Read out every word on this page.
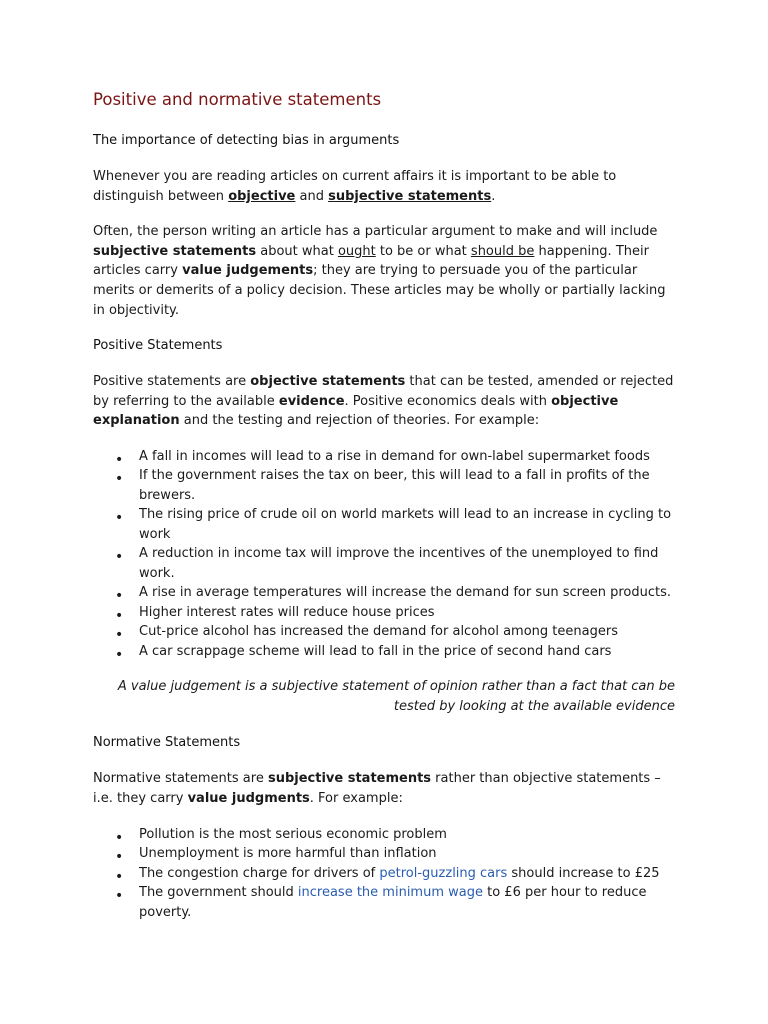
Positive and normative statements
The importance of detecting bias in arguments

Whenever you are reading articles on current affairs it is important to be able to distinguish between objective and subjective statements.

Often, the person writing an article has a particular argument to make and will include subjective statements about what ought to be or what should be happening. Their articles carry value judgements; they are trying to persuade you of the particular merits or demerits of a policy decision. These articles may be wholly or partially lacking in objectivity.

Positive Statements

Positive statements are objective statements that can be tested, amended or rejected by referring to the available evidence. Positive economics deals with objective explanation and the testing and rejection of theories. For example:

• A fall in incomes will lead to a rise in demand for own-label supermarket foods
• If the government raises the tax on beer, this will lead to a fall in profits of the brewers.
• The rising price of crude oil on world markets will lead to an increase in cycling to work
• A reduction in income tax will improve the incentives of the unemployed to find work.
• A rise in average temperatures will increase the demand for sun screen products.
• Higher interest rates will reduce house prices
• Cut-price alcohol has increased the demand for alcohol among teenagers
• A car scrappage scheme will lead to fall in the price of second hand cars
A value judgement is a subjective statement of opinion rather than a fact that can be tested by looking at the available evidence
Normative Statements

Normative statements are subjective statements rather than objective statements – i.e. they carry value judgments. For example:

• Pollution is the most serious economic problem
• Unemployment is more harmful than inflation
• The congestion charge for drivers of petrol-guzzling cars should increase to £25
• The government should increase the minimum wage to £6 per hour to reduce poverty.
